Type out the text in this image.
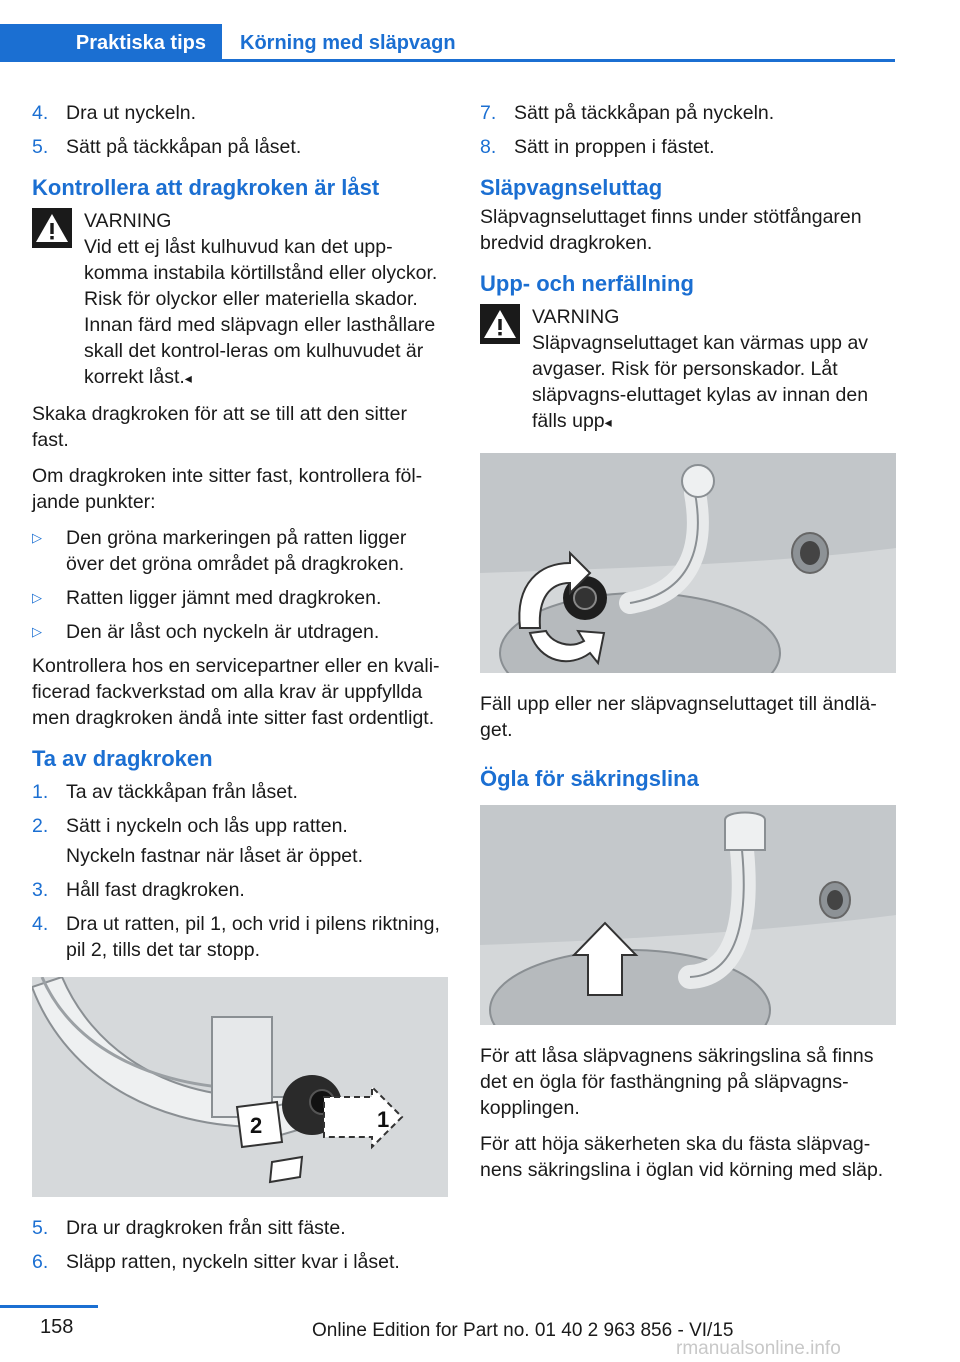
Praktiska tips	Körning med släpvagn
4. Dra ut nyckeln.
5. Sätt på täckkåpan på låset.
Kontrollera att dragkroken är låst
VARNING
Vid ett ej låst kulhuvud kan det upp-komma instabila körtillstånd eller olyckor. Risk för olyckor eller materiella skador. Innan färd med släpvagn eller lasthållare skall det kontrol-leras om kulhuvudet är korrekt låst.◂

Skaka dragkroken för att se till att den sitter fast.

Om dragkroken inte sitter fast, kontrollera föl-jande punkter:

▷	Den gröna markeringen på ratten ligger över det gröna området på dragkroken.
▷	Ratten ligger jämnt med dragkroken.
▷	Den är låst och nyckeln är utdragen.

Kontrollera hos en servicepartner eller en kvali-ficerad fackverkstad om alla krav är uppfyllda men dragkroken ändå inte sitter fast ordentligt.

Ta av dragkroken
1. Ta av täckkåpan från låset.
2. Sätt i nyckeln och lås upp ratten.
Nyckeln fastnar när låset är öppet.
3. Håll fast dragkroken.
4. Dra ut ratten, pil 1, och vrid i pilens riktning, pil 2, tills det tar stopp.
2	1
5. Dra ur dragkroken från sitt fäste.
6. Släpp ratten, nyckeln sitter kvar i låset.
7. Sätt på täckkåpan på nyckeln.
8. Sätt in proppen i fästet.
Släpvagnseluttag

Släpvagnseluttaget finns under stötfångaren bredvid dragkroken.

Upp- och nerfällning
VARNING
Släpvagnseluttaget kan värmas upp av avgaser. Risk för personskador. Låt släpvagns-eluttaget kylas av innan den fälls upp◂

Fäll upp eller ner släpvagnseluttaget till ändlä-get.

Ögla för säkringslina

För att låsa släpvagnens säkringslina så finns det en ögla för fasthängning på släpvagns-kopplingen.

För att höja säkerheten ska du fästa släpvag-nens säkringslina i öglan vid körning med släp.

158	Online Edition for Part no. 01 40 2 963 856 - VI/15
rmanualsonline.info
